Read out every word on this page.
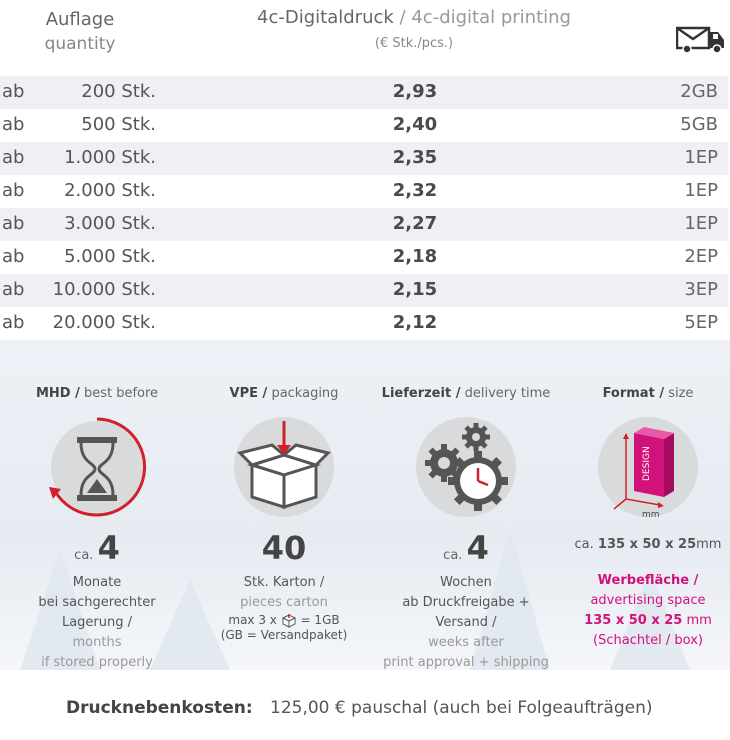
Auflage
quantity
4c-Digitaldruck / 4c-digital printing
(€ Stk./pcs.)
ab	200 Stk.	2,93	2GB
ab	500 Stk.	2,40	5GB
ab 1.000 Stk.	2,35	1EP
ab 2.000 Stk.	2,32	1EP
ab 3.000 Stk.	2,27	1EP
ab 5.000 Stk.	2,18	2EP
ab 10.000 Stk.	2,15	3EP
ab 20.000 Stk.	2,12	5EP
MHD / best before
ca. 4
Monate
bei sachgerechter Lagerung /
months
if stored properly
VPE / packaging
40
Stk. Karton /
pieces carton
max 3 x = 1GB
(GB = Versandpaket)
Lieferzeit / delivery time
ca. 4
Wochen
ab Druckfreigabe + Versand /
weeks after
print approval + shipping
Format / size
DESIGN
mm
ca. 135 x 50 x 25mm
Werbefläche /
advertising space
135 x 50 x 25 mm
(Schachtel / box)
Drucknebenkosten: 125,00 € pauschal (auch bei Folgeaufträgen)
